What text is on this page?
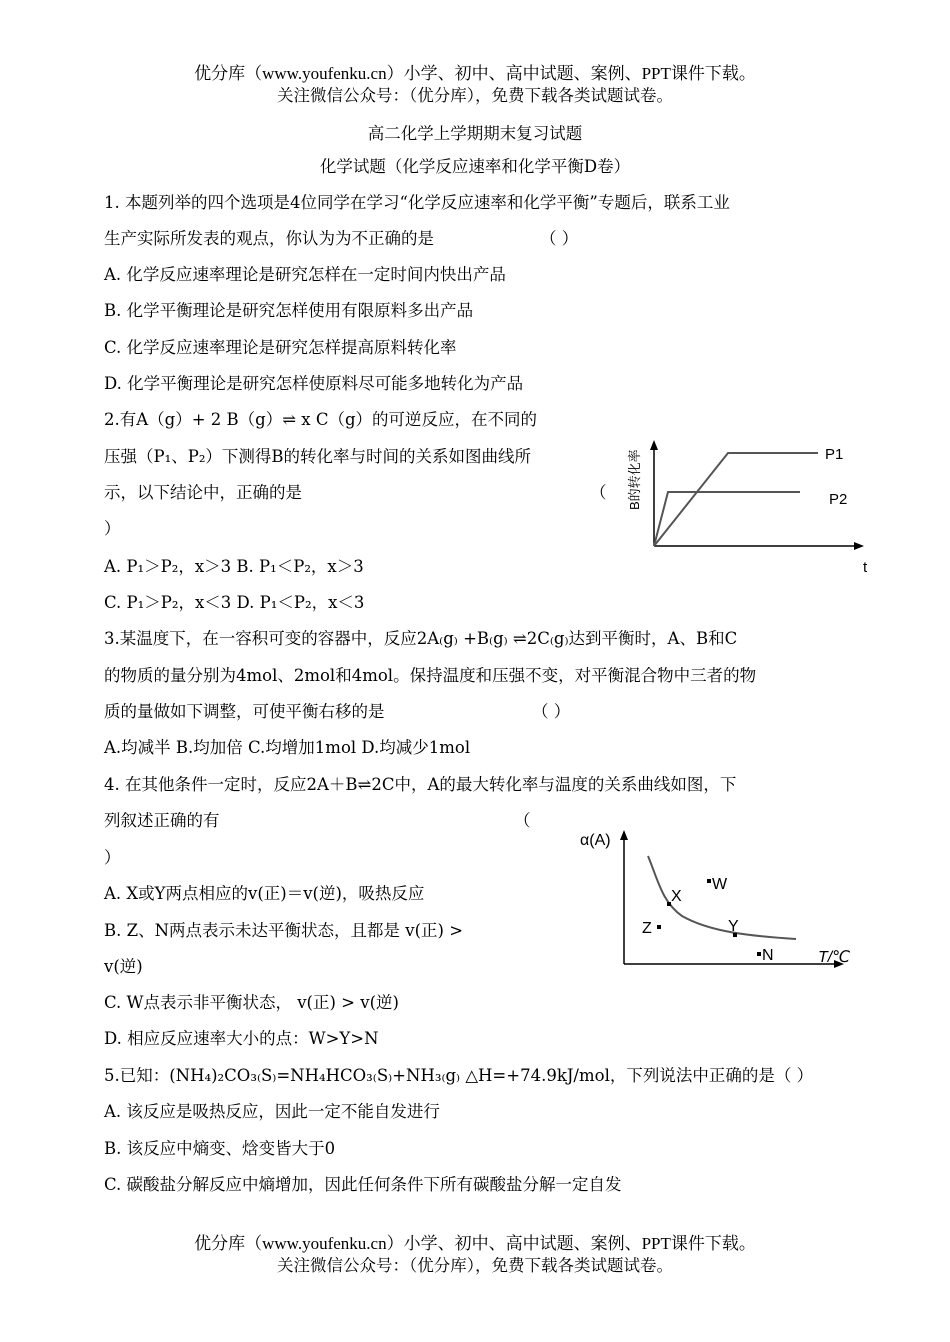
优分库（www.youfenku.cn）小学、初中、高中试题、案例、PPT课件下载。
关注微信公众号：（优分库），免费下载各类试题试卷。
高二化学上学期期末复习试题
化学试题（化学反应速率和化学平衡D卷）
1. 本题列举的四个选项是4位同学在学习“化学反应速率和化学平衡”专题后，联系工业
生产实际所发表的观点，你认为为不正确的是	（ ）
A. 化学反应速率理论是研究怎样在一定时间内快出产品
B. 化学平衡理论是研究怎样使用有限原料多出产品
C. 化学反应速率理论是研究怎样提高原料转化率
D. 化学平衡理论是研究怎样使原料尽可能多地转化为产品
2.有A（g）+ 2 B（g）⇌ x C（g）的可逆反应，在不同的
压强（P₁、P₂）下测得B的转化率与时间的关系如图曲线所
示，以下结论中，正确的是	（
）
A. P₁＞P₂，x＞3 B. P₁＜P₂，x＞3
C. P₁＞P₂，x＜3 D. P₁＜P₂，x＜3
B的转化率	P1
P2
t
3.某温度下，在一容积可变的容器中，反应2A₍g₎ +B₍g₎ ⇌2C₍g₎达到平衡时，A、B和C
的物质的量分别为4mol、2mol和4mol。保持温度和压强不变，对平衡混合物中三者的物
质的量做如下调整，可使平衡右移的是	（ ）
A.均减半 B.均加倍 C.均增加1mol D.均减少1mol
4. 在其他条件一定时，反应2A＋B⇌2C中，A的最大转化率与温度的关系曲线如图，下
列叙述正确的有	（
）
A. X或Y两点相应的v(正)＝v(逆)，吸热反应
B. Z、N两点表示未达平衡状态，且都是 v(正) >
v(逆)
C. W点表示非平衡状态， v(正) > v(逆)
D. 相应反应速率大小的点：W>Y>N
α(A)
X
Y
W
Z
N	T/℃
5.已知：(NH₄)₂CO₃₍S₎=NH₄HCO₃₍S₎+NH₃₍g₎ △H=+74.9kJ/mol，下列说法中正确的是（ ）
A. 该反应是吸热反应，因此一定不能自发进行
B. 该反应中熵变、焓变皆大于0
C. 碳酸盐分解反应中熵增加，因此任何条件下所有碳酸盐分解一定自发
优分库（www.youfenku.cn）小学、初中、高中试题、案例、PPT课件下载。
关注微信公众号：（优分库），免费下载各类试题试卷。
